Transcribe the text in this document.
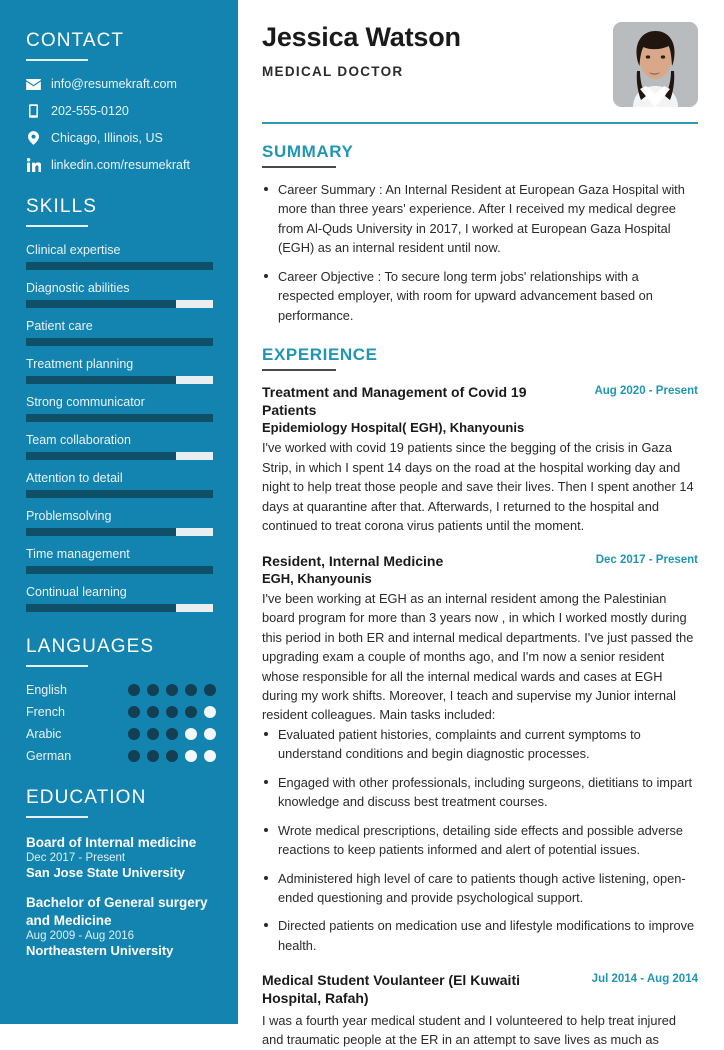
CONTACT
info@resumekraft.com
202-555-0120
Chicago, Illinois, US
linkedin.com/resumekraft
SKILLS
Clinical expertise
Diagnostic abilities
Patient care
Treatment planning
Strong communicator
Team collaboration
Attention to detail
Problemsolving
Time management
Continual learning
LANGUAGES
English
French
Arabic
German
EDUCATION
Board of Internal medicine
Dec 2017 - Present
San Jose State University
Bachelor of General surgery and Medicine
Aug 2009 - Aug 2016
Northeastern University
Jessica Watson
MEDICAL DOCTOR
SUMMARY
Career Summary : An Internal Resident at European Gaza Hospital with more than three years' experience. After I received my medical degree from Al-Quds University in 2017, I worked at European Gaza Hospital (EGH) as an internal resident until now.
Career Objective : To secure long term jobs' relationships with a respected employer, with room for upward advancement based on performance.
EXPERIENCE
Treatment and Management of Covid 19 Patients
Aug 2020 - Present
Epidemiology Hospital( EGH), Khanyounis
I've worked with covid 19 patients since the begging of the crisis in Gaza Strip, in which I spent 14 days on the road at the hospital working day and night to help treat those people and save their lives. Then I spent another 14 days at quarantine after that. Afterwards, I returned to the hospital and continued to treat corona virus patients until the moment.
Resident, Internal Medicine	Dec 2017 - Present
EGH, Khanyounis
I've been working at EGH as an internal resident among the Palestinian board program for more than 3 years now , in which I worked mostly during this period in both ER and internal medical departments. I've just passed the upgrading exam a couple of months ago, and I'm now a senior resident whose responsible for all the internal medical wards and cases at EGH during my work shifts. Moreover, I teach and supervise my Junior internal resident colleagues. Main tasks included:
Evaluated patient histories, complaints and current symptoms to understand conditions and begin diagnostic processes.
Engaged with other professionals, including surgeons, dietitians to impart knowledge and discuss best treatment courses.
Wrote medical prescriptions, detailing side effects and possible adverse reactions to keep patients informed and alert of potential issues.
Administered high level of care to patients though active listening, open-ended questioning and provide psychological support.
Directed patients on medication use and lifestyle modifications to improve health.
Medical Student Voulanteer (El Kuwaiti Hospital, Rafah)
Jul 2014 - Aug 2014
I was a fourth year medical student and I volunteered to help treat injured and traumatic people at the ER in an attempt to save lives as much as
